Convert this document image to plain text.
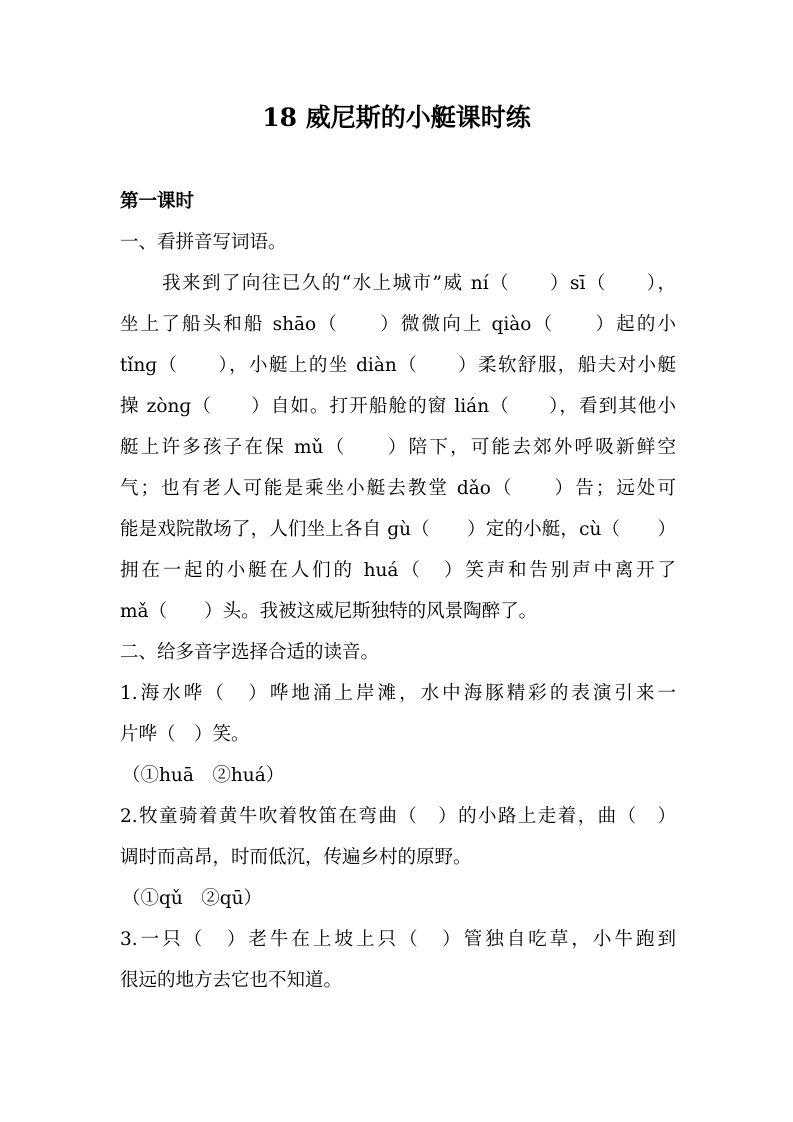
18 威尼斯的小艇课时练
第一课时
一、看拼音写词语。
我来到了向往已久的“水上城市”威 ní（　　）sī（　　），
坐上了船头和船 shāo（　　）微微向上 qiào（　　）起的小
tǐnɡ（　　），小艇上的坐 diàn（　　）柔软舒服，船夫对小艇
操 zònɡ（　　）自如。打开船舱的窗 lián（　　），看到其他小
艇上许多孩子在保 mǔ（　　）陪下，可能去郊外呼吸新鲜空
气；也有老人可能是乘坐小艇去教堂 dǎo（　　）告；远处可
能是戏院散场了，人们坐上各自 ɡù（　　）定的小艇，cù（　　）
拥在一起的小艇在人们的 huá（　）笑声和告别声中离开了
mǎ（　　）头。我被这威尼斯独特的风景陶醉了。
二、给多音字选择合适的读音。
1.海水哗（　）哗地涌上岸滩，水中海豚精彩的表演引来一
片哗（　）笑。
（①huā　②huá）
2.牧童骑着黄牛吹着牧笛在弯曲（　）的小路上走着，曲（　）
调时而高昂，时而低沉，传遍乡村的原野。
（①qǔ　②qū）
3.一只（　）老牛在上坡上只（　）管独自吃草，小牛跑到
很远的地方去它也不知道。
